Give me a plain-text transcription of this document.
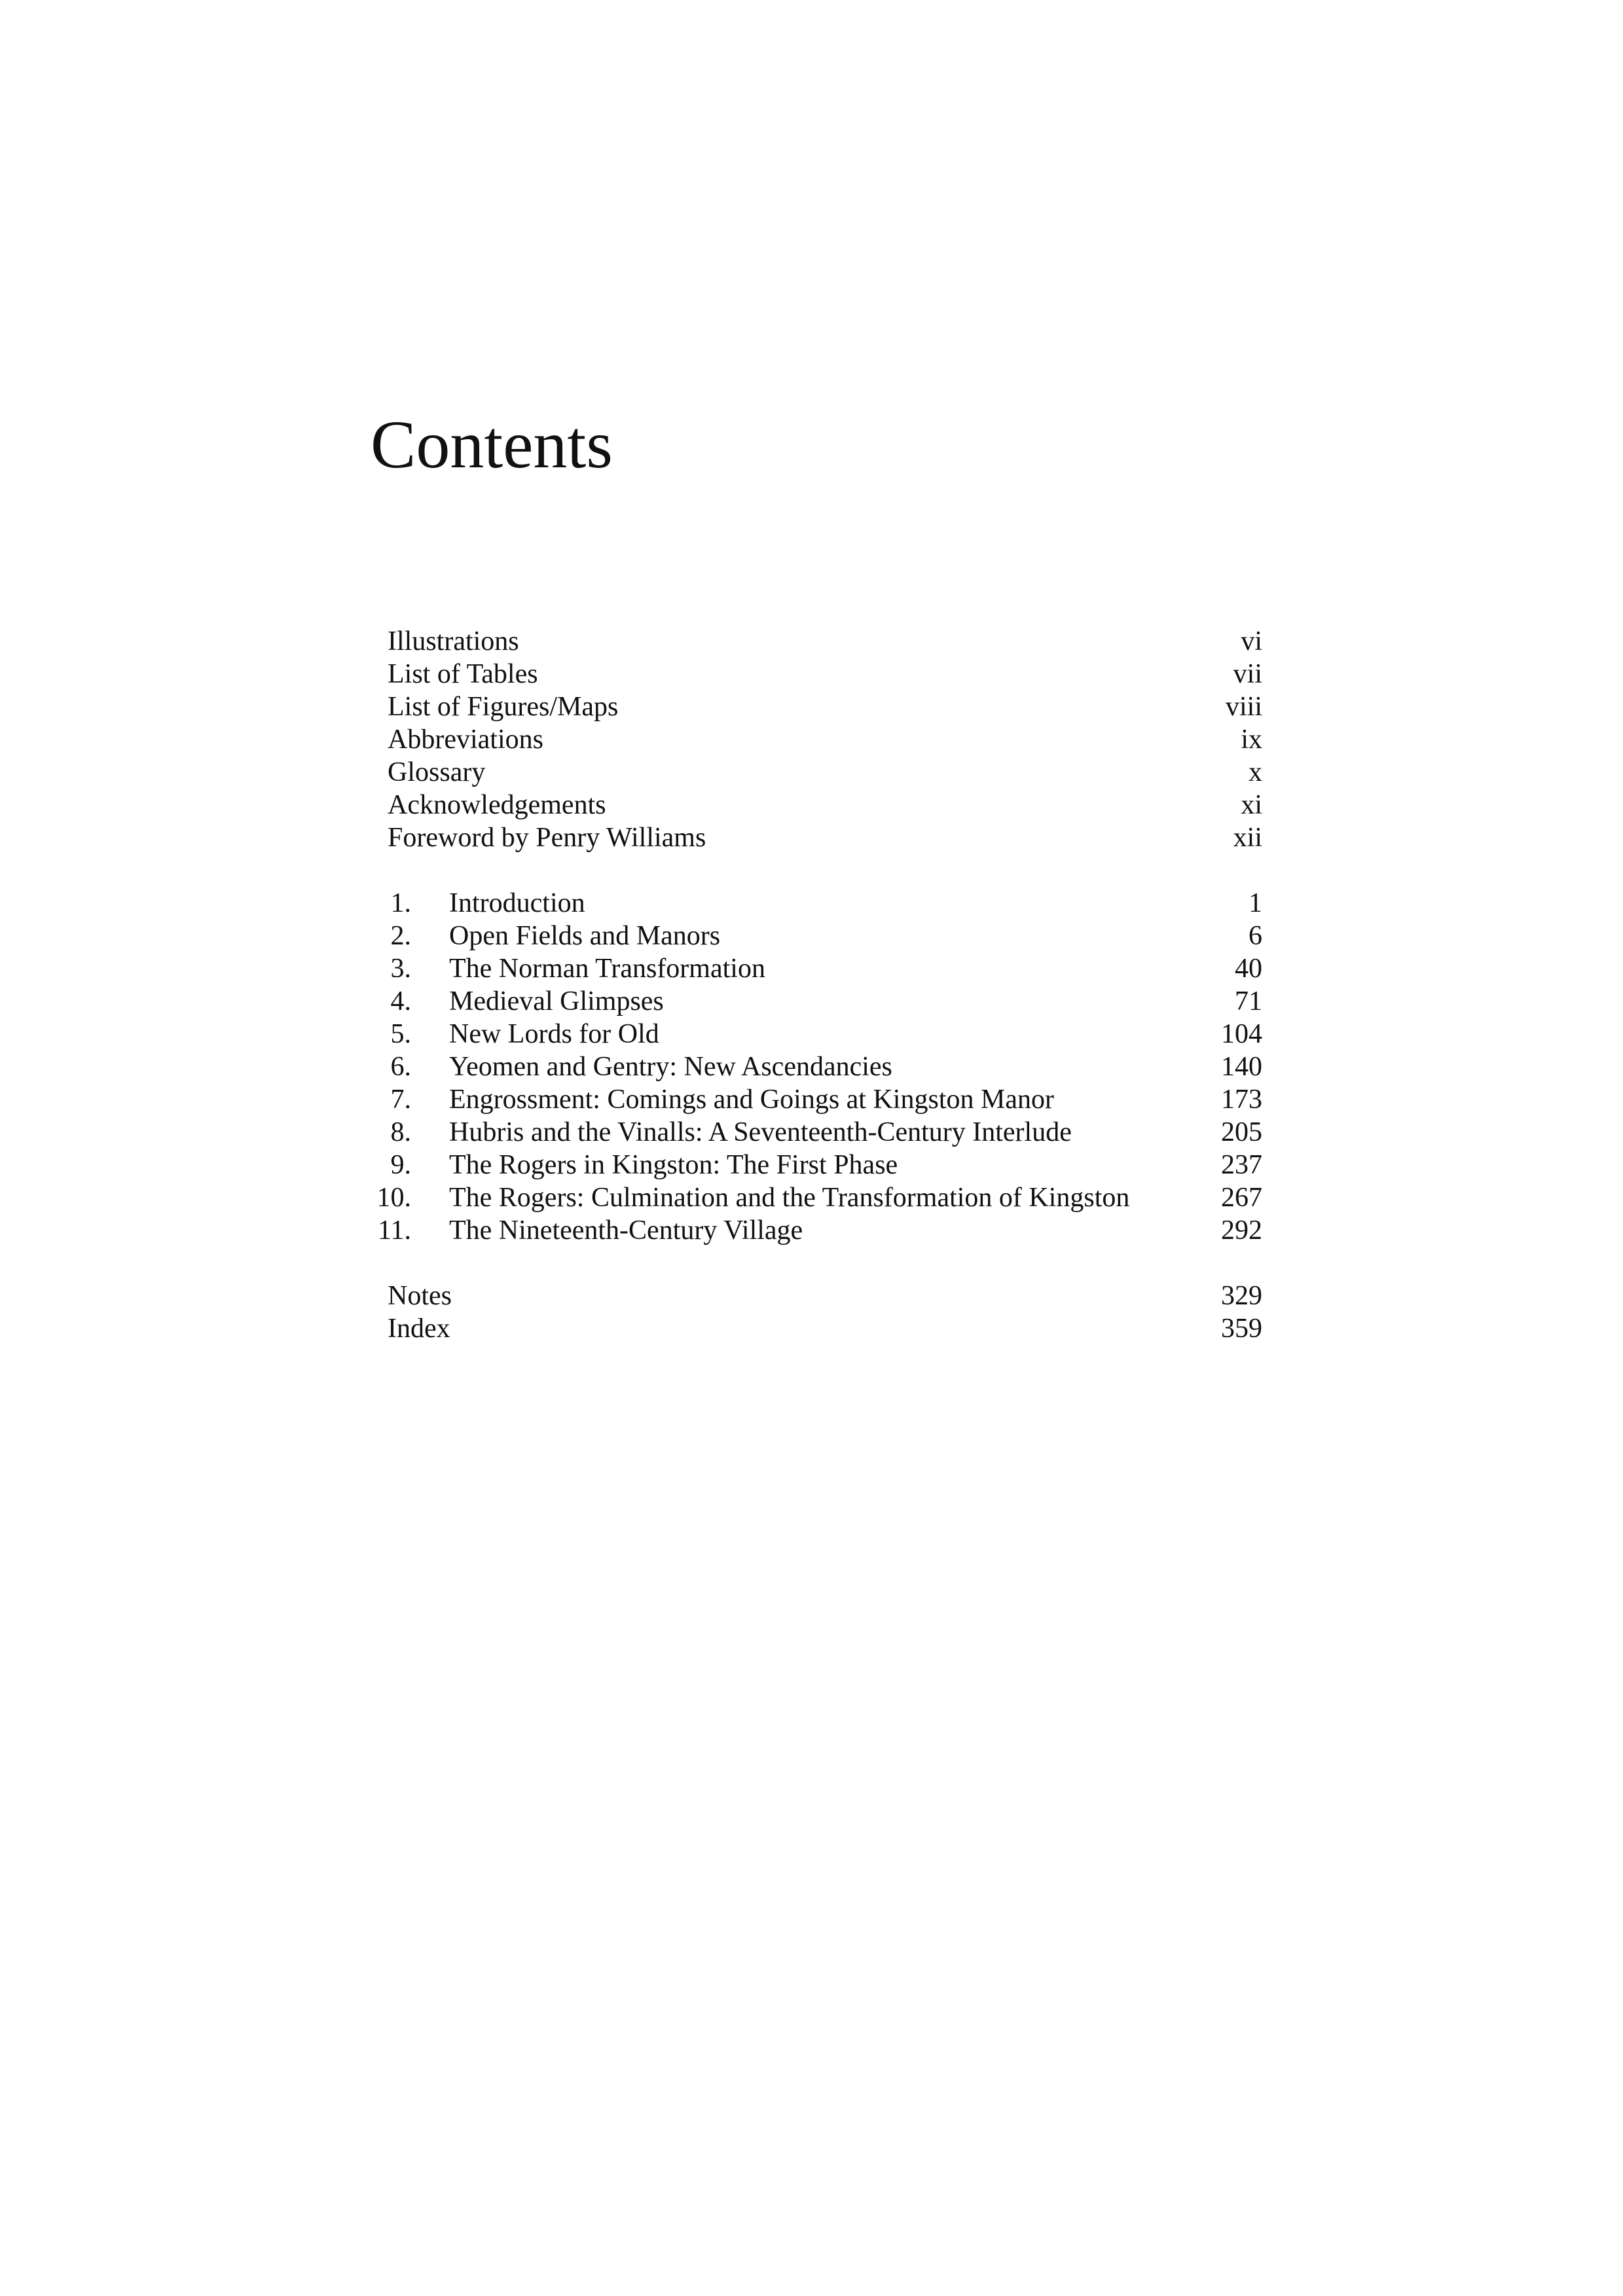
Contents
Illustrations	vi
List of Tables	vii
List of Figures/Maps	viii
Abbreviations	ix
Glossary	x
Acknowledgements	xi
Foreword by Penry Williams	xii
1. Introduction	1
2. Open Fields and Manors	6
3. The Norman Transformation	40
4. Medieval Glimpses	71
5. New Lords for Old	104
6. Yeomen and Gentry: New Ascendancies	140
7. Engrossment: Comings and Goings at Kingston Manor	173
8. Hubris and the Vinalls: A Seventeenth-Century Interlude	205
9. The Rogers in Kingston: The First Phase	237
10. The Rogers: Culmination and the Transformation of Kingston	267
11. The Nineteenth-Century Village	292
Notes	329
Index	359
